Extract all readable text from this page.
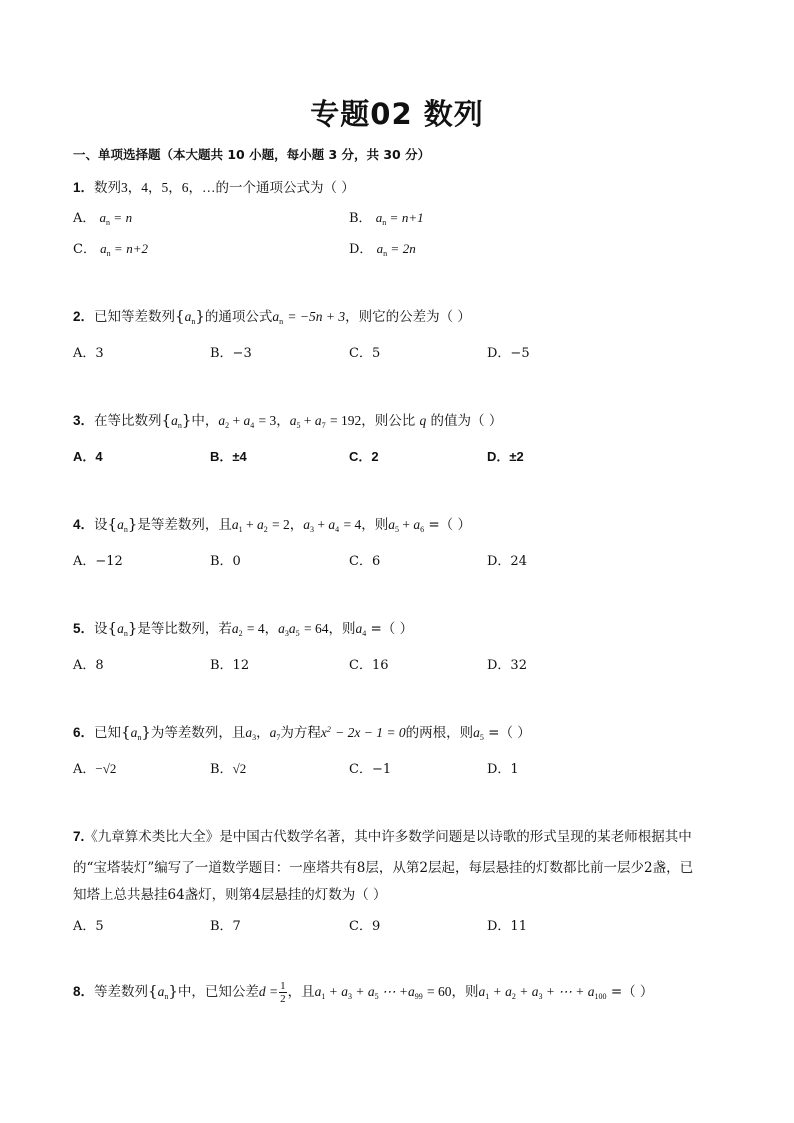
专题02 数列
一、单项选择题（本大题共 10 小题，每小题 3 分，共 30 分）
1．数列3，4，5，6，…的一个通项公式为（ ）
A． $a_n = n$	B． $a_n = n+1$
C． $a_n = n+2$	D． $a_n = 2n$
2．已知等差数列$\{a_n\}$的通项公式$a_n = -5n + 3$，则它的公差为（ ）
A．3	B．−3	C．5	D．−5
3．在等比数列$\{a_n\}$中，$a_2 + a_4 = 3$，$a_5 + a_7 = 192$，则公比 q 的值为（ ）
A．4	B．±4	C．2	D．±2
4．设$\{a_n\}$是等差数列，且$a_1 + a_2 = 2$，$a_3 + a_4 = 4$，则$a_5 + a_6$ =（ ）
A．−12	B．0	C．6	D．24
5．设$\{a_n\}$是等比数列，若$a_2 = 4$，$a_3a_5 = 64$，则$a_4$ =（ ）
A．8	B．12	C．16	D．32
6．已知$\{a_n\}$为等差数列，且$a_3$，$a_7$为方程$x^2 - 2x - 1 = 0$的两根，则$a_5$ =（ ）
A．−√2	B．√2	C．−1	D．1
7.《九章算术类比大全》是中国古代数学名著，其中许多数学问题是以诗歌的形式呈现的某老师根据其中
的“宝塔装灯”编写了一道数学题目：一座塔共有8层，从第2层起，每层悬挂的灯数都比前一层少2盏，已
知塔上总共悬挂64盏灯，则第4层悬挂的灯数为（ ）
A．5	B．7	C．9	D．11
8．等差数列$\{a_n\}$中，已知公差$d = \frac{1}{2}$ ，且$a_1 + a_3 + a_5$ ⋯ $+a_{99} = 60$，则$a_1 + a_2 + a_3$ + ⋯ + $a_{100}$ =（ ）
